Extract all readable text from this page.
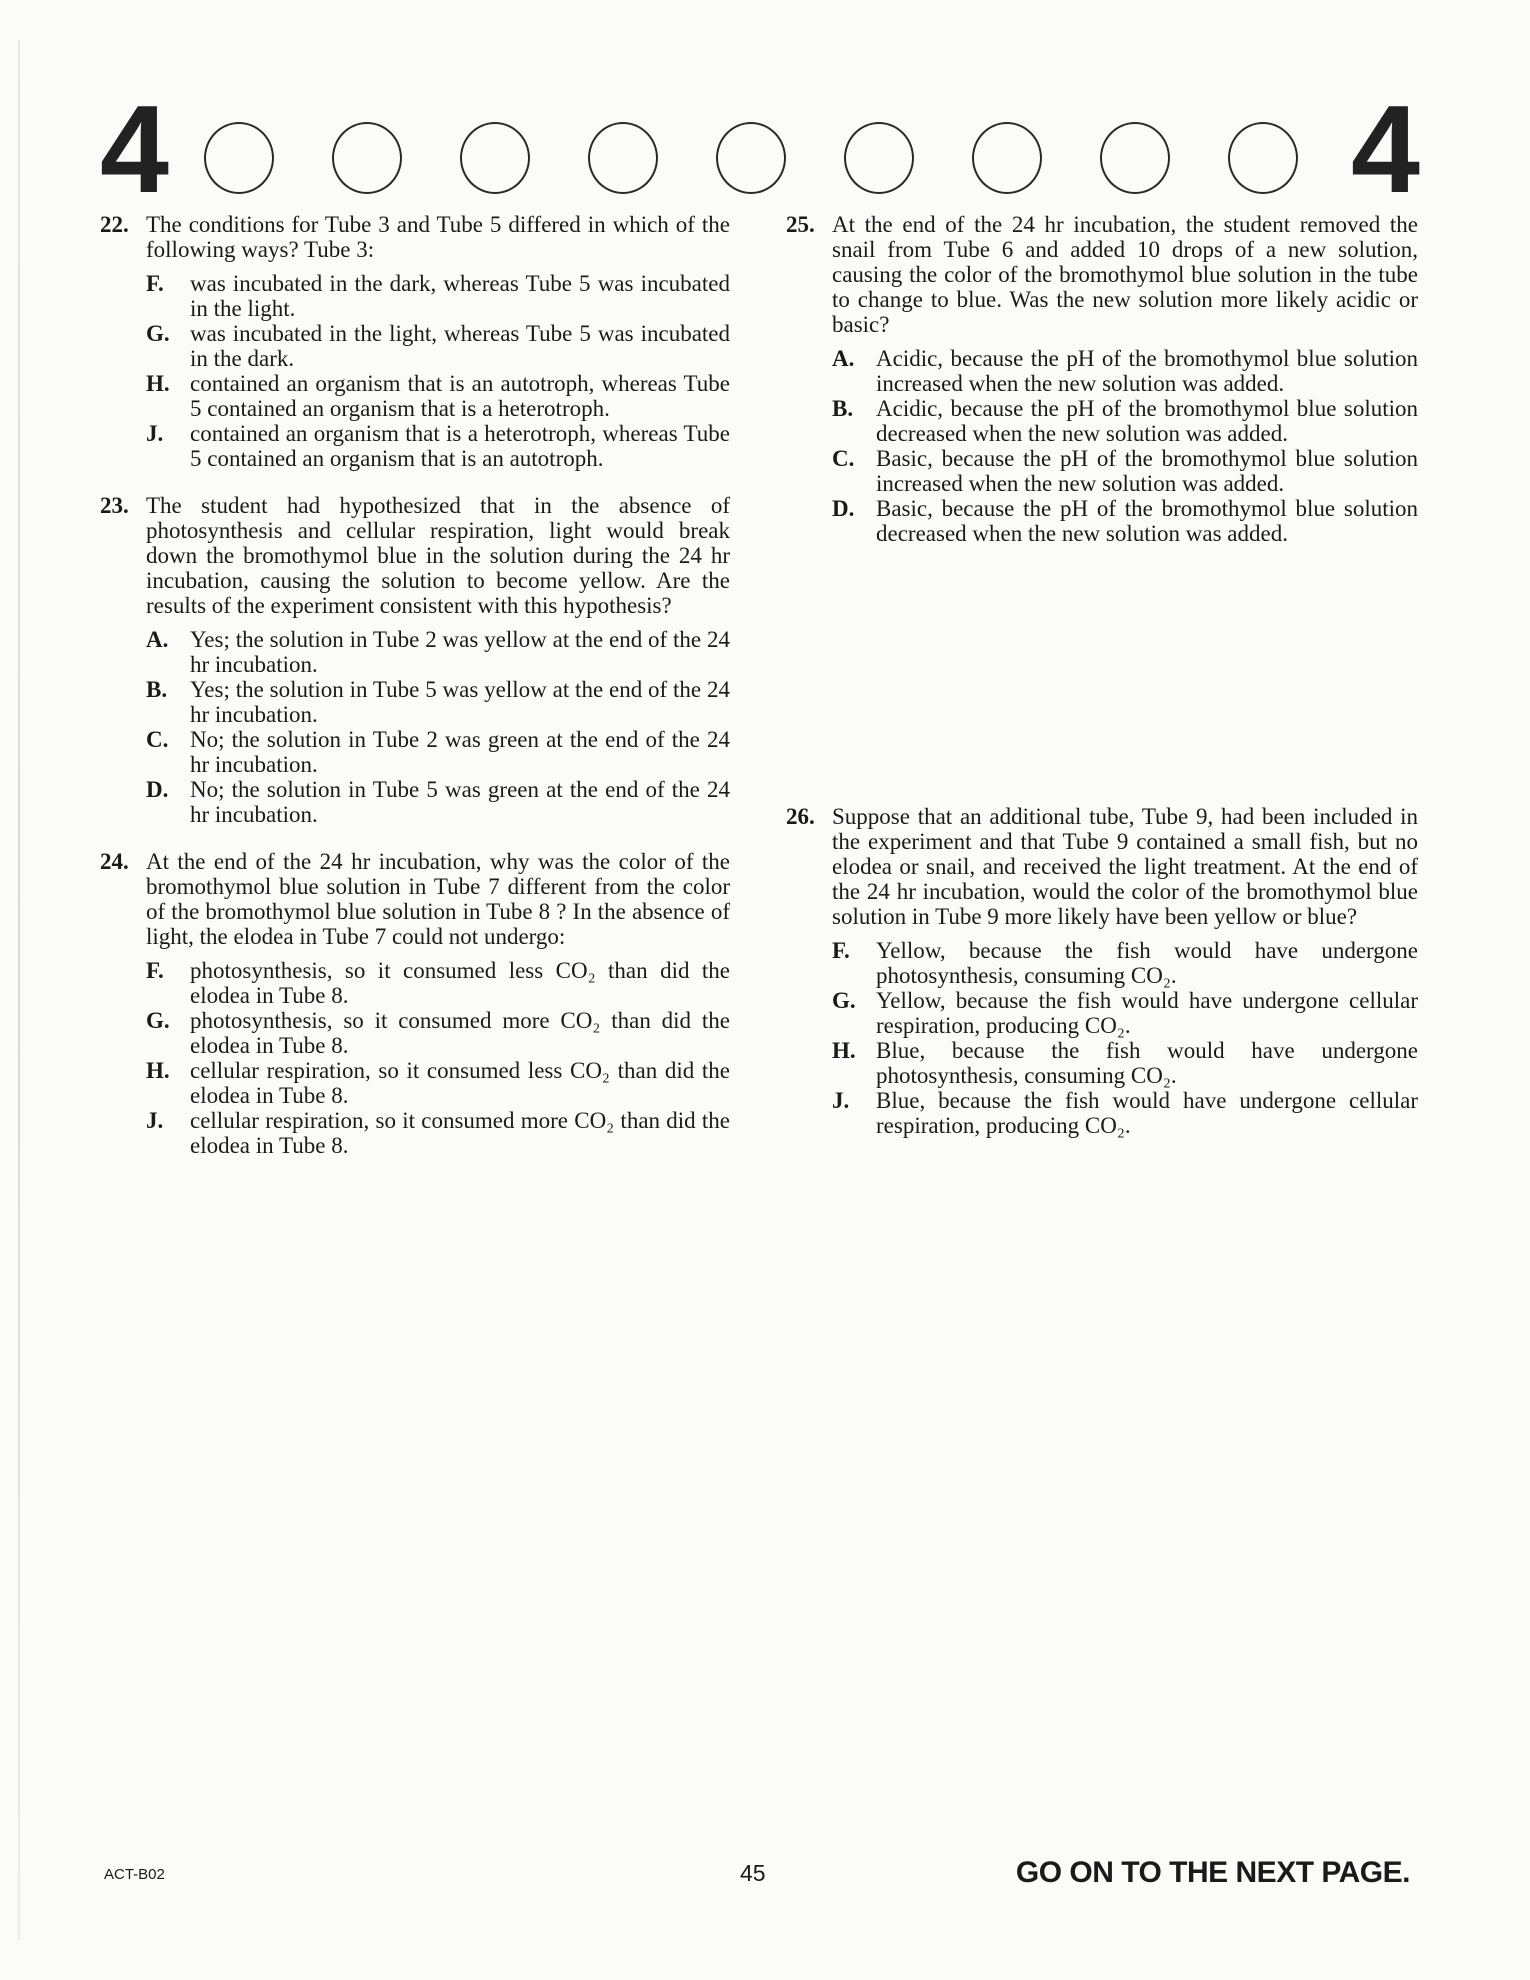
4	4
22. The conditions for Tube 3 and Tube 5 differed in which of the following ways? Tube 3:
F.	was incubated in the dark, whereas Tube 5 was incubated in the light.
G. was incubated in the light, whereas Tube 5 was incubated in the dark.
H. contained an organism that is an autotroph, whereas Tube 5 contained an organism that is a heterotroph.
J.	contained an organism that is a heterotroph, whereas Tube 5 contained an organism that is an autotroph.
23. The student had hypothesized that in the absence of photosynthesis and cellular respiration, light would break down the bromothymol blue in the solution during the 24 hr incubation, causing the solution to become yellow. Are the results of the experiment consistent with this hypothesis?
A. Yes; the solution in Tube 2 was yellow at the end of the 24 hr incubation.
B. Yes; the solution in Tube 5 was yellow at the end of the 24 hr incubation.
C. No; the solution in Tube 2 was green at the end of the 24 hr incubation.
D. No; the solution in Tube 5 was green at the end of the 24 hr incubation.
24. At the end of the 24 hr incubation, why was the color of the bromothymol blue solution in Tube 7 different from the color of the bromothymol blue solution in Tube 8 ? In the absence of light, the elodea in Tube 7 could not undergo:
F.	photosynthesis, so it consumed less CO₂ than did the elodea in Tube 8.
G. photosynthesis, so it consumed more CO₂ than did the elodea in Tube 8.
H. cellular respiration, so it consumed less CO₂ than did the elodea in Tube 8.
J.	cellular respiration, so it consumed more CO₂ than did the elodea in Tube 8.
25. At the end of the 24 hr incubation, the student removed the snail from Tube 6 and added 10 drops of a new solution, causing the color of the bromothymol blue solution in the tube to change to blue. Was the new solution more likely acidic or basic?
A. Acidic, because the pH of the bromothymol blue solution increased when the new solution was added.
B. Acidic, because the pH of the bromothymol blue solution decreased when the new solution was added.
C. Basic, because the pH of the bromothymol blue solution increased when the new solution was added.
D. Basic, because the pH of the bromothymol blue solution decreased when the new solution was added.
26. Suppose that an additional tube, Tube 9, had been included in the experiment and that Tube 9 contained a small fish, but no elodea or snail, and received the light treatment. At the end of the 24 hr incubation, would the color of the bromothymol blue solution in Tube 9 more likely have been yellow or blue?
F.	Yellow, because the fish would have undergone photosynthesis, consuming CO₂.
G. Yellow, because the fish would have undergone cellular respiration, producing CO₂.
H. Blue, because the fish would have undergone photosynthesis, consuming CO₂.
J.	Blue, because the fish would have undergone cellular respiration, producing CO₂.
ACT-B02	45	GO ON TO THE NEXT PAGE.
